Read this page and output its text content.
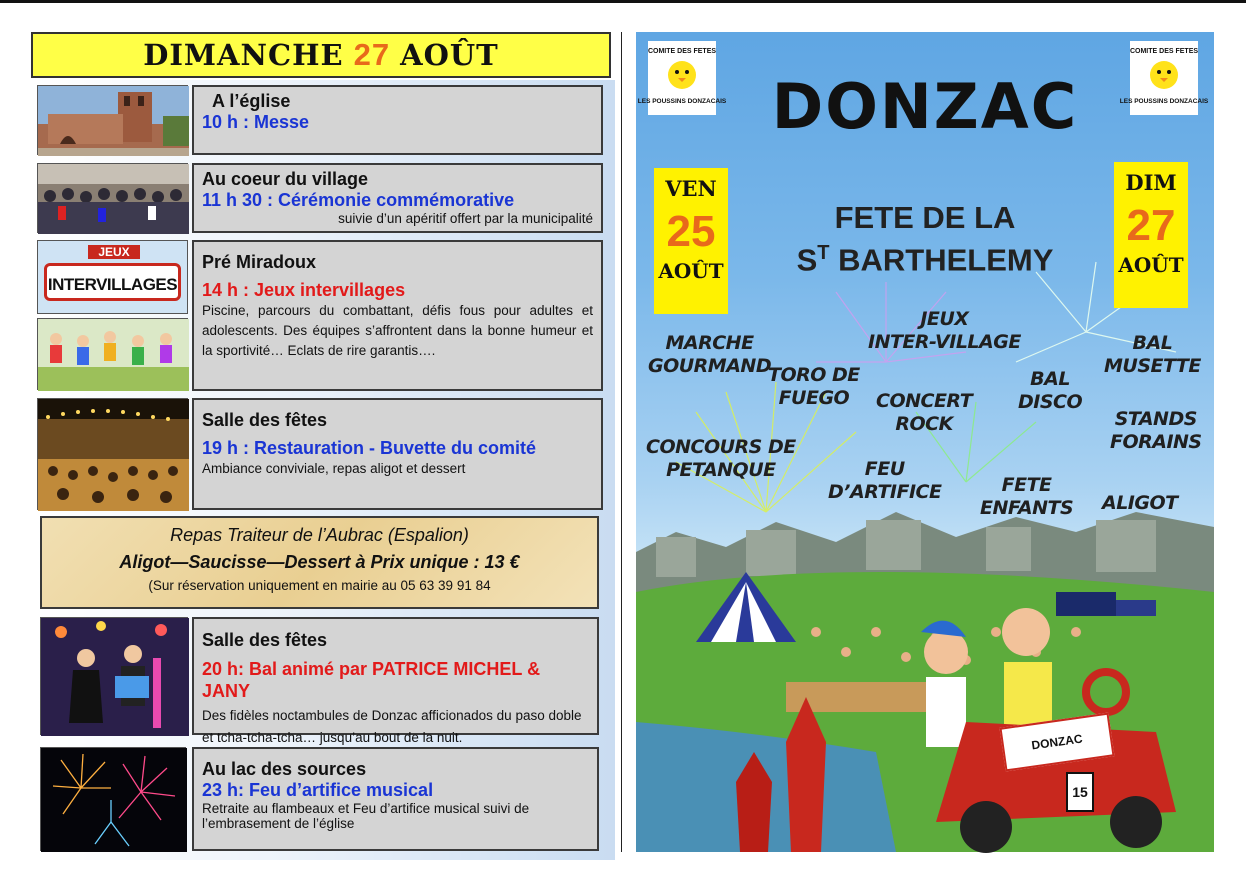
DIMANCHE 27 AOÛT
A l’église
10 h : Messe
Au coeur du village
11 h 30 : Cérémonie commémorative
suivie d’un apéritif offert par la municipalité
JEUX
INTERVILLAGES
Pré Miradoux
14 h : Jeux intervillages
Piscine, parcours du combattant, défis fous pour adultes et adolescents. Des équipes s’affrontent dans la bonne humeur et la sportivité… Eclats de rire garantis….
Salle des fêtes
19 h : Restauration - Buvette du comité
Ambiance conviviale, repas aligot et dessert
Repas Traiteur de l’Aubrac (Espalion)
Aligot—Saucisse—Dessert à Prix unique : 13 €
(Sur réservation uniquement en mairie au 05 63 39 91 84
Salle des fêtes
20 h: Bal animé par PATRICE MICHEL & JANY
Des fidèles noctambules de Donzac afficionados du paso doble et tcha-tcha-tcha… jusqu’au bout de la nuit.
Au lac des sources
23 h: Feu d’artifice musical
Retraite au flambeaux et Feu d’artifice musical suivi de l’embrasement de l’église
COMITE DES FETES
LES POUSSINS DONZACAIS
COMITE DES FETES
LES POUSSINS DONZACAIS
DONZAC
VEN
25
AOÛT
DIM
27
AOÛT
FETE DE LA
$S^T$ BARTHELEMY
MARCHE
GOURMAND
JEUX
INTER-VILLAGE	BAL
MUSETTE
TORO DE
FUEGO	CONCERT
ROCK
BAL
DISCO
STANDS
FORAINS
CONCOURS DE
PETANQUE	FEU
D’ARTIFICE	FETE
ENFANTS ALIGOT
DONZAC
15
